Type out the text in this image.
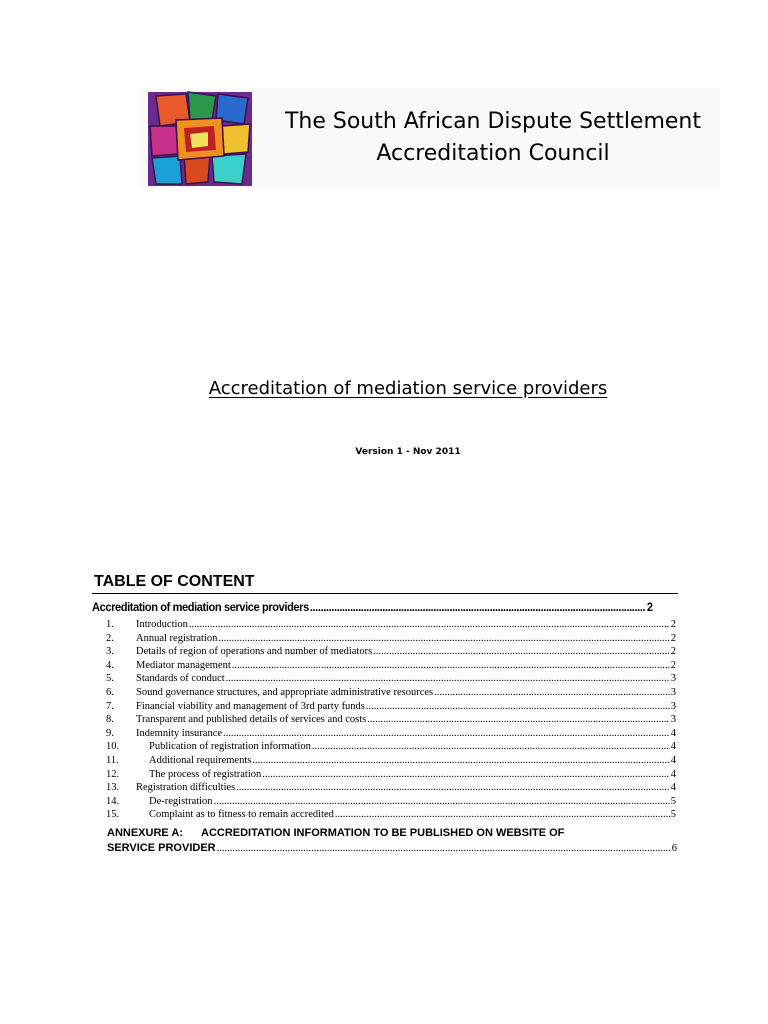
The South African Dispute Settlement
Accreditation Council
Accreditation of mediation service providers
Version 1 - Nov 2011
TABLE OF CONTENT
Accreditation of mediation service providers .....	2
1.	Introduction .....	2
2.	Annual registration .....	2
3.	Details of region of operations and number of mediators .....	2
4.	Mediator management .....	2
5.	Standards of conduct .....	3
6.	Sound governance structures, and appropriate administrative resources .....	3
7.	Financial viability and management of 3rd party funds .....	3
8.	Transparent and published details of services and costs .....	3
9.	Indemnity insurance .....	4
10.	Publication of registration information .....	4
11.	Additional requirements .....	4
12.	The process of registration .....	4
13.	Registration difficulties .....	4
14.	De-registration .....	5
15.	Complaint as to fitness to remain accredited .....	5
ANNEXURE A: ACCREDITATION INFORMATION TO BE PUBLISHED ON WEBSITE OF
SERVICE PROVIDER .....	6
